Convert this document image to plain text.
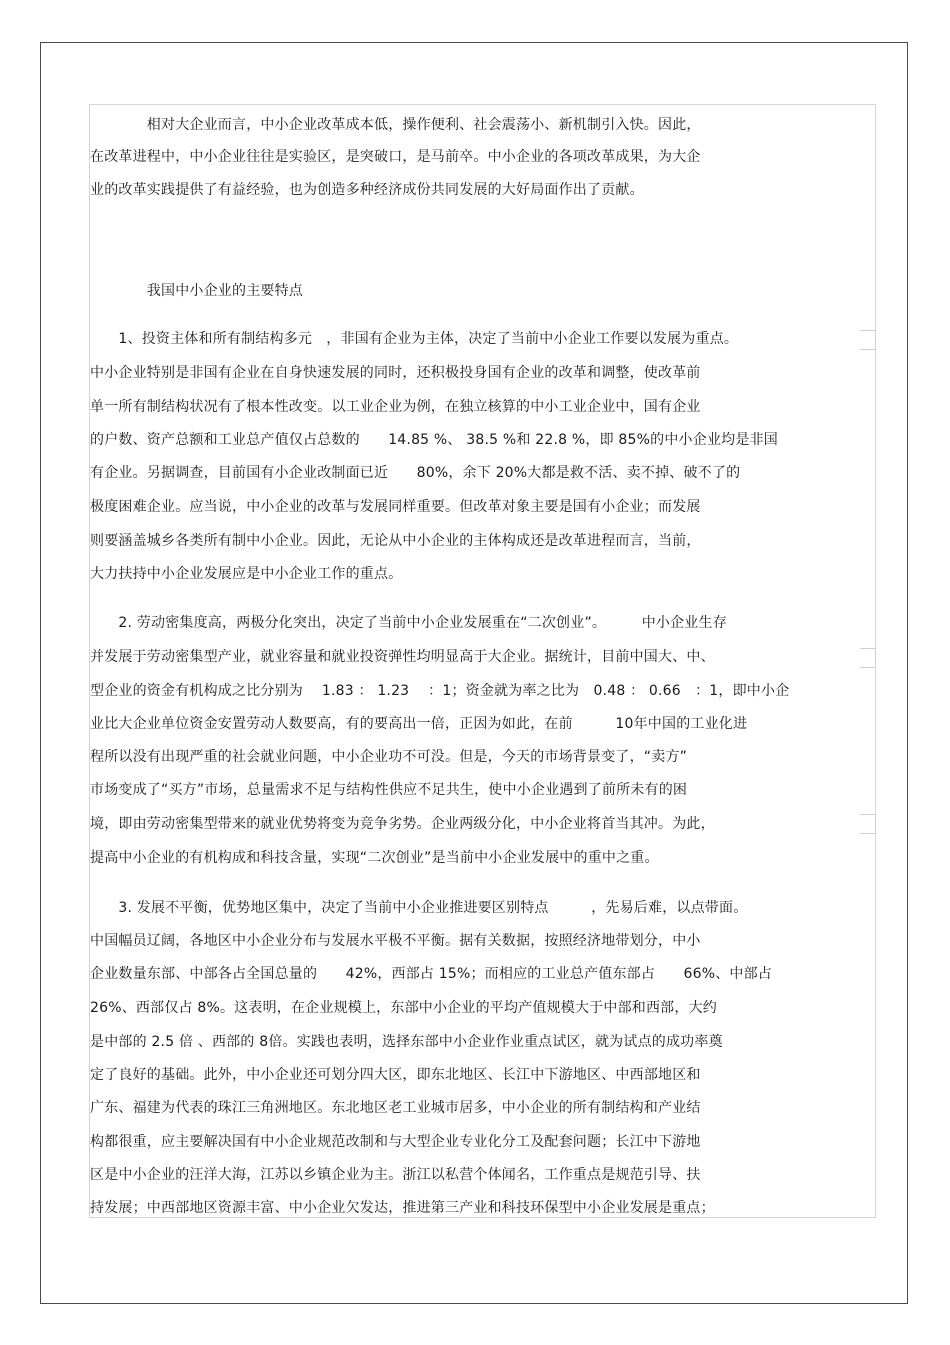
　　　　相对大企业而言，中小企业改革成本低，操作便利、社会震荡小、新机制引入快。因此，
在改革进程中，中小企业往往是实验区，是突破口，是马前卒。中小企业的各项改革成果，为大企
业的改革实践提供了有益经验，也为创造多种经济成份共同发展的大好局面作出了贡献。
　　　　我国中小企业的主要特点
　　1、投资主体和所有制结构多元　，非国有企业为主体，决定了当前中小企业工作要以发展为重点。
中小企业特别是非国有企业在自身快速发展的同时，还积极投身国有企业的改革和调整，使改革前
单一所有制结构状况有了根本性改变。以工业企业为例，在独立核算的中小工业企业中，国有企业
的户数、资产总额和工业总产值仅占总数的　　14.85 %、 38.5 %和 22.8 %，即 85%的中小企业均是非国
有企业。另据调查，目前国有小企业改制面已近　　80%，余下 20%大都是救不活、卖不掉、破不了的
极度困难企业。应当说，中小企业的改革与发展同样重要。但改革对象主要是国有小企业；而发展
则要涵盖城乡各类所有制中小企业。因此，无论从中小企业的主体构成还是改革进程而言，当前，
大力扶持中小企业发展应是中小企业工作的重点。
　　2. 劳动密集度高，两极分化突出，决定了当前中小企业发展重在“二次创业”。　　　中小企业生存
并发展于劳动密集型产业，就业容量和就业投资弹性均明显高于大企业。据统计，目前中国大、中、
型企业的资金有机构成之比分别为　 1.83 ： 1.23 　：1；资金就为率之比为　0.48 ： 0.66　：1，即中小企
业比大企业单位资金安置劳动人数要高，有的要高出一倍，正因为如此，在前　　　10年中国的工业化进
程所以没有出现严重的社会就业问题，中小企业功不可没。但是，今天的市场背景变了，“卖方”
市场变成了“买方”市场，总量需求不足与结构性供应不足共生，使中小企业遇到了前所未有的困
境，即由劳动密集型带来的就业优势将变为竞争劣势。企业两级分化，中小企业将首当其冲。为此，
提高中小企业的有机构成和科技含量，实现“二次创业”是当前中小企业发展中的重中之重。
　　3. 发展不平衡，优势地区集中，决定了当前中小企业推进要区别特点　　　，先易后难，以点带面。
中国幅员辽阔，各地区中小企业分布与发展水平极不平衡。据有关数据，按照经济地带划分，中小
企业数量东部、中部各占全国总量的　　42%，西部占 15%；而相应的工业总产值东部占　　66%、中部占
26%、西部仅占 8%。这表明，在企业规模上，东部中小企业的平均产值规模大于中部和西部，大约
是中部的 2.5 倍 、西部的 8倍。实践也表明，选择东部中小企业作业重点试区，就为试点的成功率奠
定了良好的基础。此外，中小企业还可划分四大区，即东北地区、长江中下游地区、中西部地区和
广东、福建为代表的珠江三角洲地区。东北地区老工业城市居多，中小企业的所有制结构和产业结
构都很重，应主要解决国有中小企业规范改制和与大型企业专业化分工及配套问题；长江中下游地
区是中小企业的汪洋大海，江苏以乡镇企业为主。浙江以私营个体闻名，工作重点是规范引导、扶
持发展；中西部地区资源丰富、中小企业欠发达，推进第三产业和科技环保型中小企业发展是重点；
